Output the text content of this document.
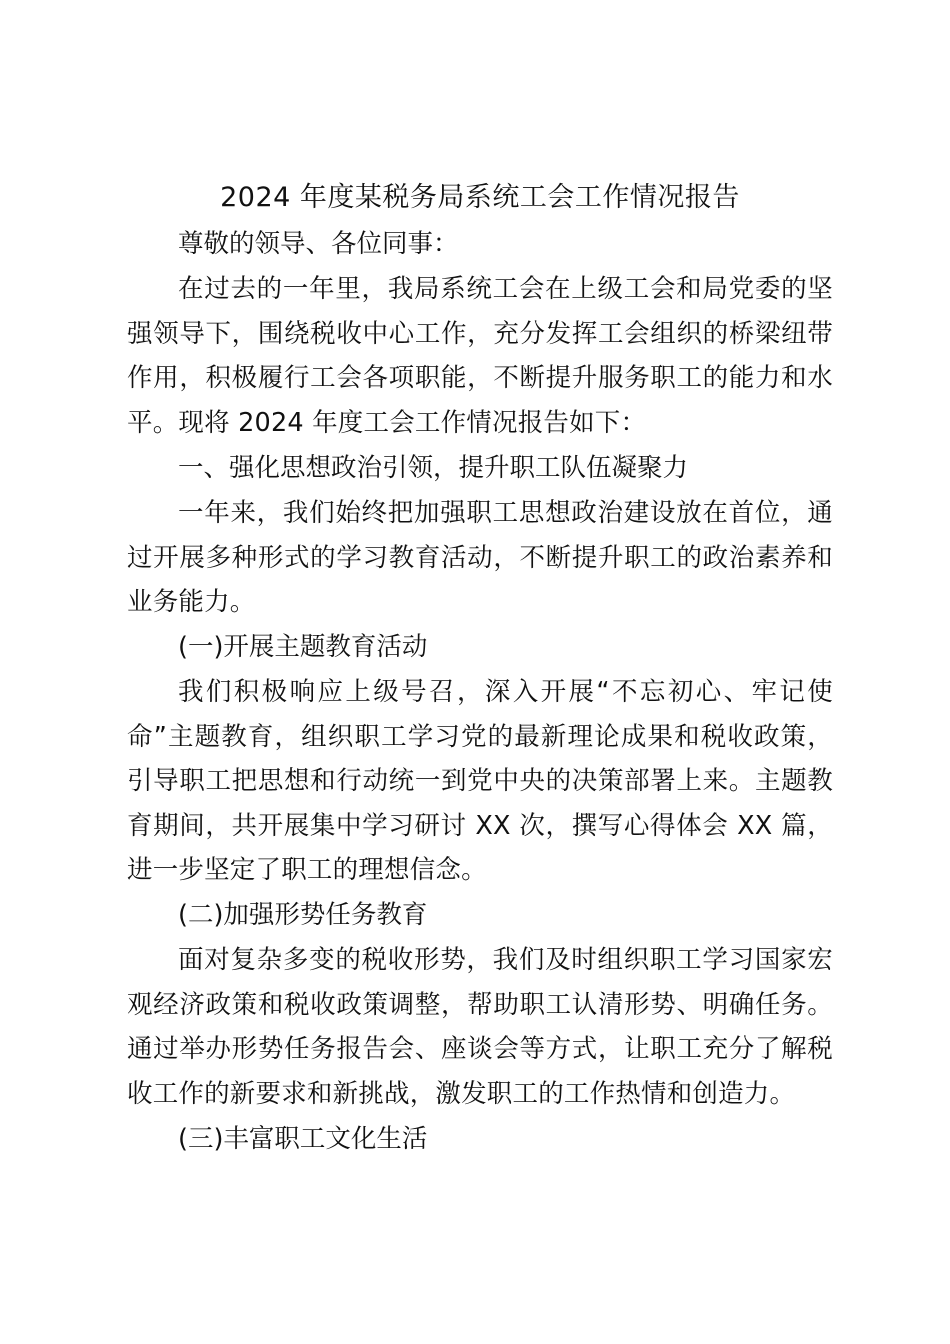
2024 年度某税务局系统工会工作情况报告

尊敬的领导、各位同事：

在过去的一年里，我局系统工会在上级工会和局党委的坚强领导下，围绕税收中心工作，充分发挥工会组织的桥梁纽带作用，积极履行工会各项职能，不断提升服务职工的能力和水平。现将 2024 年度工会工作情况报告如下：

一、强化思想政治引领，提升职工队伍凝聚力

一年来，我们始终把加强职工思想政治建设放在首位，通过开展多种形式的学习教育活动，不断提升职工的政治素养和业务能力。

(一)开展主题教育活动

我们积极响应上级号召，深入开展“不忘初心、牢记使命”主题教育，组织职工学习党的最新理论成果和税收政策，引导职工把思想和行动统一到党中央的决策部署上来。主题教育期间，共开展集中学习研讨 XX 次，撰写心得体会 XX 篇，进一步坚定了职工的理想信念。

(二)加强形势任务教育

面对复杂多变的税收形势，我们及时组织职工学习国家宏观经济政策和税收政策调整，帮助职工认清形势、明确任务。通过举办形势任务报告会、座谈会等方式，让职工充分了解税收工作的新要求和新挑战，激发职工的工作热情和创造力。

(三)丰富职工文化生活
